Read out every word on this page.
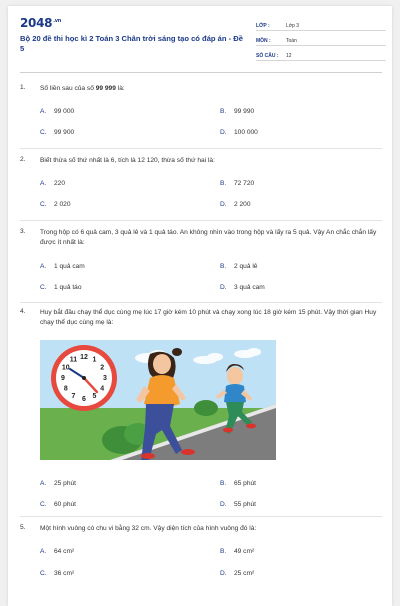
$2048^{.vn}$
Bộ 20 đề thi học kì 2 Toán 3 Chân trời sáng tạo có đáp án - Đề 5
LỚP :	Lớp 3
MÔN :	Toán
SỐ CÂU :	12
1. Số liền sau của số 99 999 là:
A.	99 000	B.	99 990
C.	99 900	D.	100 000
2. Biết thừa số thứ nhất là 6, tích là 12 120, thừa số thứ hai là:
A.	220	B.	72 720
C.	2 020	D.	2 200
3. Trong hộp có 6 quả cam, 3 quả lê và 1 quả táo. An không nhìn vào trong hộp và lấy ra 5 quả. Vậy An chắc chắn lấy được ít nhất là:
A.	1 quả cam	B.	2 quả lê
C.	1 quả táo	D.	3 quả cam
4. Huy bắt đầu chạy thể dục cùng mẹ lúc 17 giờ kém 10 phút và chạy xong lúc 18 giờ kém 15 phút. Vậy thời gian Huy chạy thể dục cùng mẹ là:
A.	25 phút	B.	65 phút
C.	60 phút	D.	55 phút
12 1
2
3
4
5
6
7
8
9
10
11
5. Một hình vuông có chu vi bằng 32 cm. Vậy diện tích của hình vuông đó là:
A.	64 cm²	B.	49 cm²
C.	36 cm²	D.	25 cm²
